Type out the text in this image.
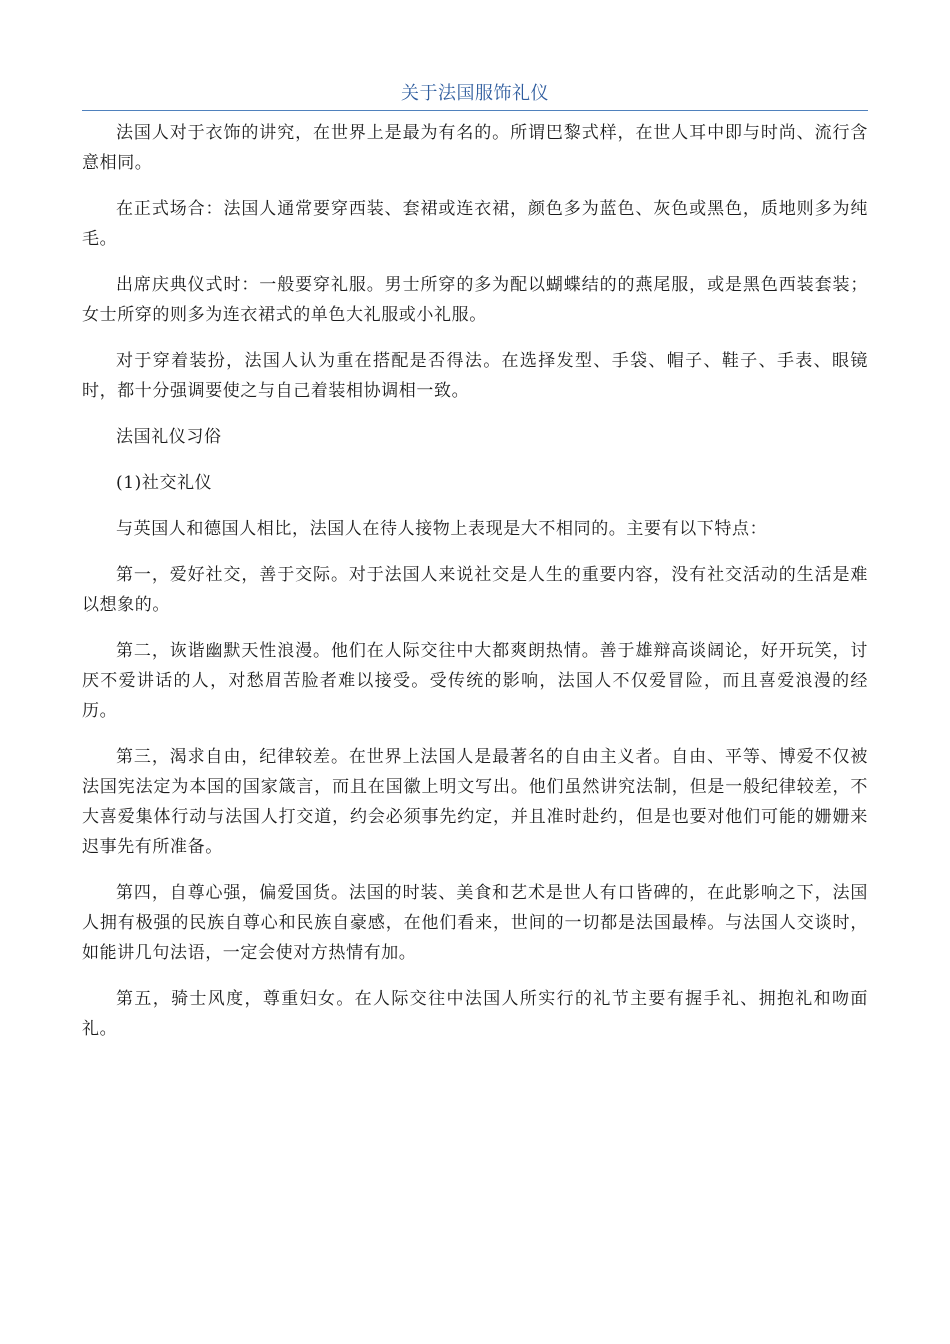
关于法国服饰礼仪

法国人对于衣饰的讲究，在世界上是最为有名的。所谓巴黎式样，在世人耳中即与时尚、流行含意相同。

在正式场合：法国人通常要穿西装、套裙或连衣裙，颜色多为蓝色、灰色或黑色，质地则多为纯毛。

出席庆典仪式时：一般要穿礼服。男士所穿的多为配以蝴蝶结的的燕尾服，或是黑色西装套装；女士所穿的则多为连衣裙式的单色大礼服或小礼服。

对于穿着装扮，法国人认为重在搭配是否得法。在选择发型、手袋、帽子、鞋子、手表、眼镜时，都十分强调要使之与自己着装相协调相一致。

法国礼仪习俗

(1)社交礼仪

与英国人和德国人相比，法国人在待人接物上表现是大不相同的。主要有以下特点：

第一，爱好社交，善于交际。对于法国人来说社交是人生的重要内容，没有社交活动的生活是难以想象的。

第二，诙谐幽默天性浪漫。他们在人际交往中大都爽朗热情。善于雄辩高谈阔论，好开玩笑，讨厌不爱讲话的人，对愁眉苦脸者难以接受。受传统的影响，法国人不仅爱冒险，而且喜爱浪漫的经历。

第三，渴求自由，纪律较差。在世界上法国人是最著名的自由主义者。自由、平等、博爱不仅被法国宪法定为本国的国家箴言，而且在国徽上明文写出。他们虽然讲究法制，但是一般纪律较差，不大喜爱集体行动与法国人打交道，约会必须事先约定，并且准时赴约，但是也要对他们可能的姗姗来迟事先有所准备。

第四，自尊心强，偏爱国货。法国的时装、美食和艺术是世人有口皆碑的，在此影响之下，法国人拥有极强的民族自尊心和民族自豪感，在他们看来，世间的一切都是法国最棒。与法国人交谈时，如能讲几句法语，一定会使对方热情有加。

第五，骑士风度，尊重妇女。在人际交往中法国人所实行的礼节主要有握手礼、拥抱礼和吻面礼。
